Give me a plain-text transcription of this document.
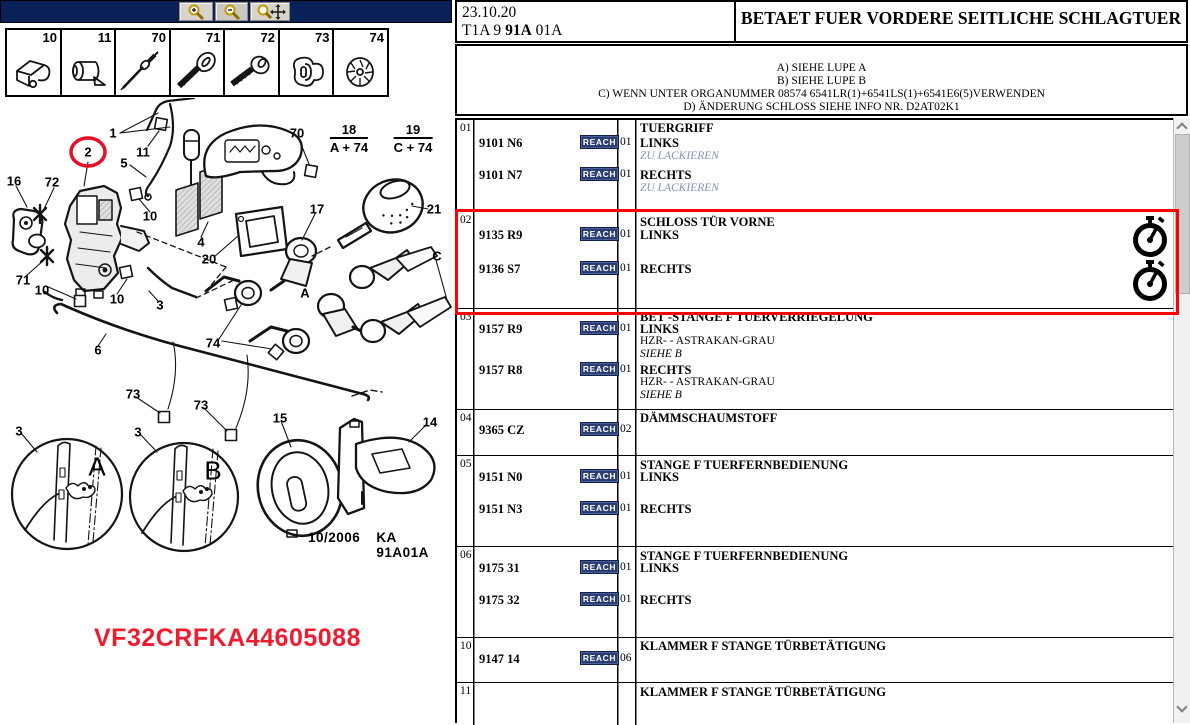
10	11	70	71	72	73	74
1
2	11
5
70
16 72
17	21
10
4
20
71
10
10 3
A
C
74
6
73
73
3	3
15	14
A	B
18
A + 74
19
C + 74
10/2006 KA 91A01A
VF32CRFKA44605088
23.10.20
T1A 9 91A 01A
BETAET FUER VORDERE SEITLICHE SCHLAGTUER
A) SIEHE LUPE A
B) SIEHE LUPE B
C) WENN UNTER ORGANUMMER 08574 6541LR(1)+6541LS(1)+6541E6(5)VERWENDEN
D) ÄNDERUNG SCHLOSS SIEHE INFO NR. D2AT02K1
01	TUERGRIFF
9101 N6	REACH 01 LINKS
ZU LACKIEREN
9101 N7	REACH 01 RECHTS
ZU LACKIEREN
02	SCHLOSS TÜR VORNE
9135 R9	REACH 01 LINKS
9136 S7	REACH 01 RECHTS
03	BET -STANGE F TUERVERRIEGELUNG
9157 R9	REACH 01 LINKS
HZR- - ASTRAKAN-GRAU
SIEHE B
9157 R8	REACH 01 RECHTS
HZR- - ASTRAKAN-GRAU
SIEHE B
04	DÄMMSCHAUMSTOFF
9365 CZ	REACH 02
05	STANGE F TUERFERNBEDIENUNG
9151 N0	REACH 01 LINKS
9151 N3	REACH 01 RECHTS
06	STANGE F TUERFERNBEDIENUNG
9175 31	REACH 01 LINKS
9175 32	REACH 01 RECHTS
10	KLAMMER F STANGE TÜRBETÄTIGUNG
9147 14	REACH 06
11	KLAMMER F STANGE TÜRBETÄTIGUNG
